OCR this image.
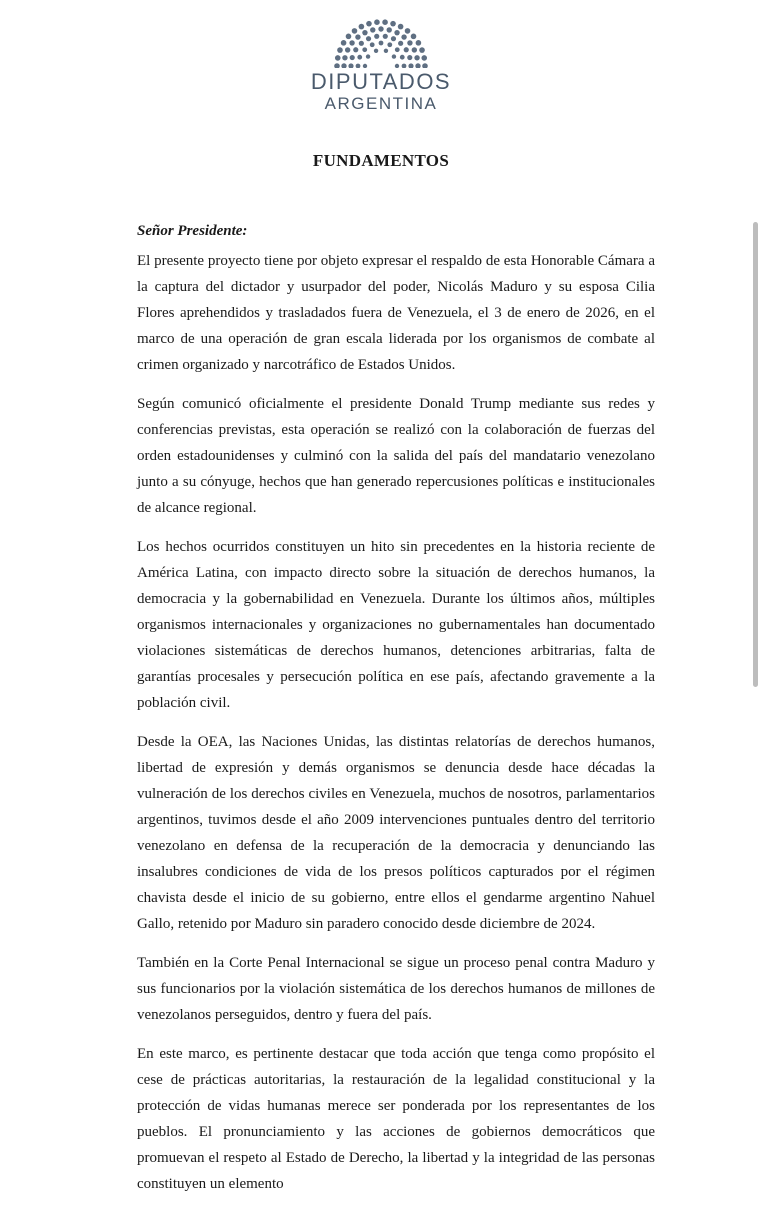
DIPUTADOS
ARGENTINA
FUNDAMENTOS

Señor Presidente:

El presente proyecto tiene por objeto expresar el respaldo de esta Honorable Cámara a la captura del dictador y usurpador del poder, Nicolás Maduro y su esposa Cilia Flores aprehendidos y trasladados fuera de Venezuela, el 3 de enero de 2026, en el marco de una operación de gran escala liderada por los organismos de combate al crimen organizado y narcotráfico de Estados Unidos.

Según comunicó oficialmente el presidente Donald Trump mediante sus redes y conferencias previstas, esta operación se realizó con la colaboración de fuerzas del orden estadounidenses y culminó con la salida del país del mandatario venezolano junto a su cónyuge, hechos que han generado repercusiones políticas e institucionales de alcance regional.

Los hechos ocurridos constituyen un hito sin precedentes en la historia reciente de América Latina, con impacto directo sobre la situación de derechos humanos, la democracia y la gobernabilidad en Venezuela. Durante los últimos años, múltiples organismos internacionales y organizaciones no gubernamentales han documentado violaciones sistemáticas de derechos humanos, detenciones arbitrarias, falta de garantías procesales y persecución política en ese país, afectando gravemente a la población civil.

Desde la OEA, las Naciones Unidas, las distintas relatorías de derechos humanos, libertad de expresión y demás organismos se denuncia desde hace décadas la vulneración de los derechos civiles en Venezuela, muchos de nosotros, parlamentarios argentinos, tuvimos desde el año 2009 intervenciones puntuales dentro del territorio venezolano en defensa de la recuperación de la democracia y denunciando las insalubres condiciones de vida de los presos políticos capturados por el régimen chavista desde el inicio de su gobierno, entre ellos el gendarme argentino Nahuel Gallo, retenido por Maduro sin paradero conocido desde diciembre de 2024.

También en la Corte Penal Internacional se sigue un proceso penal contra Maduro y sus funcionarios por la violación sistemática de los derechos humanos de millones de venezolanos perseguidos, dentro y fuera del país.

En este marco, es pertinente destacar que toda acción que tenga como propósito el cese de prácticas autoritarias, la restauración de la legalidad constitucional y la protección de vidas humanas merece ser ponderada por los representantes de los pueblos. El pronunciamiento y las acciones de gobiernos democráticos que promuevan el respeto al Estado de Derecho, la libertad y la integridad de las personas constituyen un elemento
